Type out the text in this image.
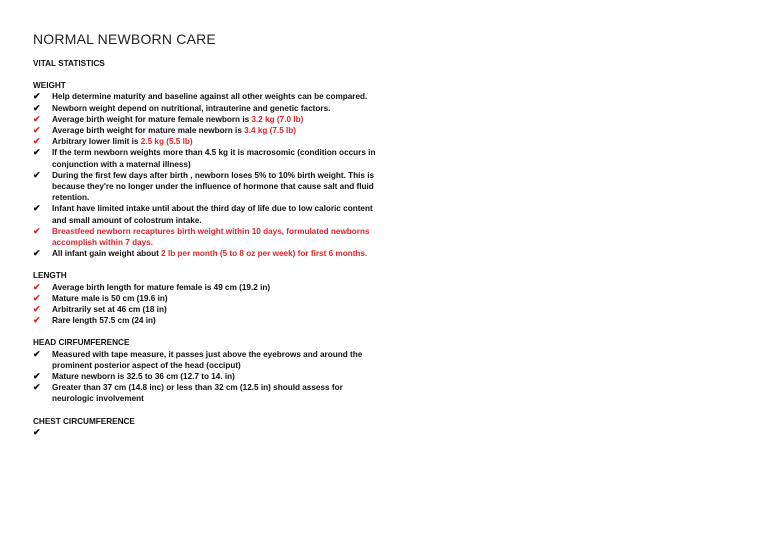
NORMAL NEWBORN CARE

VITAL STATISTICS

WEIGHT

✔ Help determine maturity and baseline against all other weights can be compared.
✔ Newborn weight depend on nutritional, intrauterine and genetic factors.
✔ Average birth weight for mature female newborn is 3.2 kg (7.0 lb)
✔ Average birth weight for mature male newborn is 3.4 kg (7.5 lb)
✔ Arbitrary lower limit is 2.5 kg (5.5 lb)
✔ If the term newborn weights more than 4.5 kg it is macrosomic (condition occurs in conjunction with a maternal illness)
✔ During the first few days after birth , newborn loses 5% to 10% birth weight. This is because they're no longer under the influence of hormone that cause salt and fluid retention.
✔ Infant have limited intake until about the third day of life due to low caloric content and small amount of colostrum intake.
✔ Breastfeed newborn recaptures birth weight within 10 days, formulated newborns accomplish within 7 days.
✔ All infant gain weight about 2 lb per month (5 to 8 oz per week) for first 6 months.

LENGTH

✔ Average birth length for mature female is 49 cm (19.2 in)
✔ Mature male is 50 cm (19.6 in)
✔ Arbitrarily set at 46 cm (18 in)
✔ Rare length 57.5 cm (24 in)

HEAD CIRFUMFERENCE

✔ Measured with tape measure, it passes just above the eyebrows and around the prominent posterior aspect of the head (occiput)
✔ Mature newborn is 32.5 to 36 cm (12.7 to 14. in)
✔ Greater than 37 cm (14.8 inc) or less than 32 cm (12.5 in) should assess for neurologic involvement

CHEST CIRCUMFERENCE

✔
